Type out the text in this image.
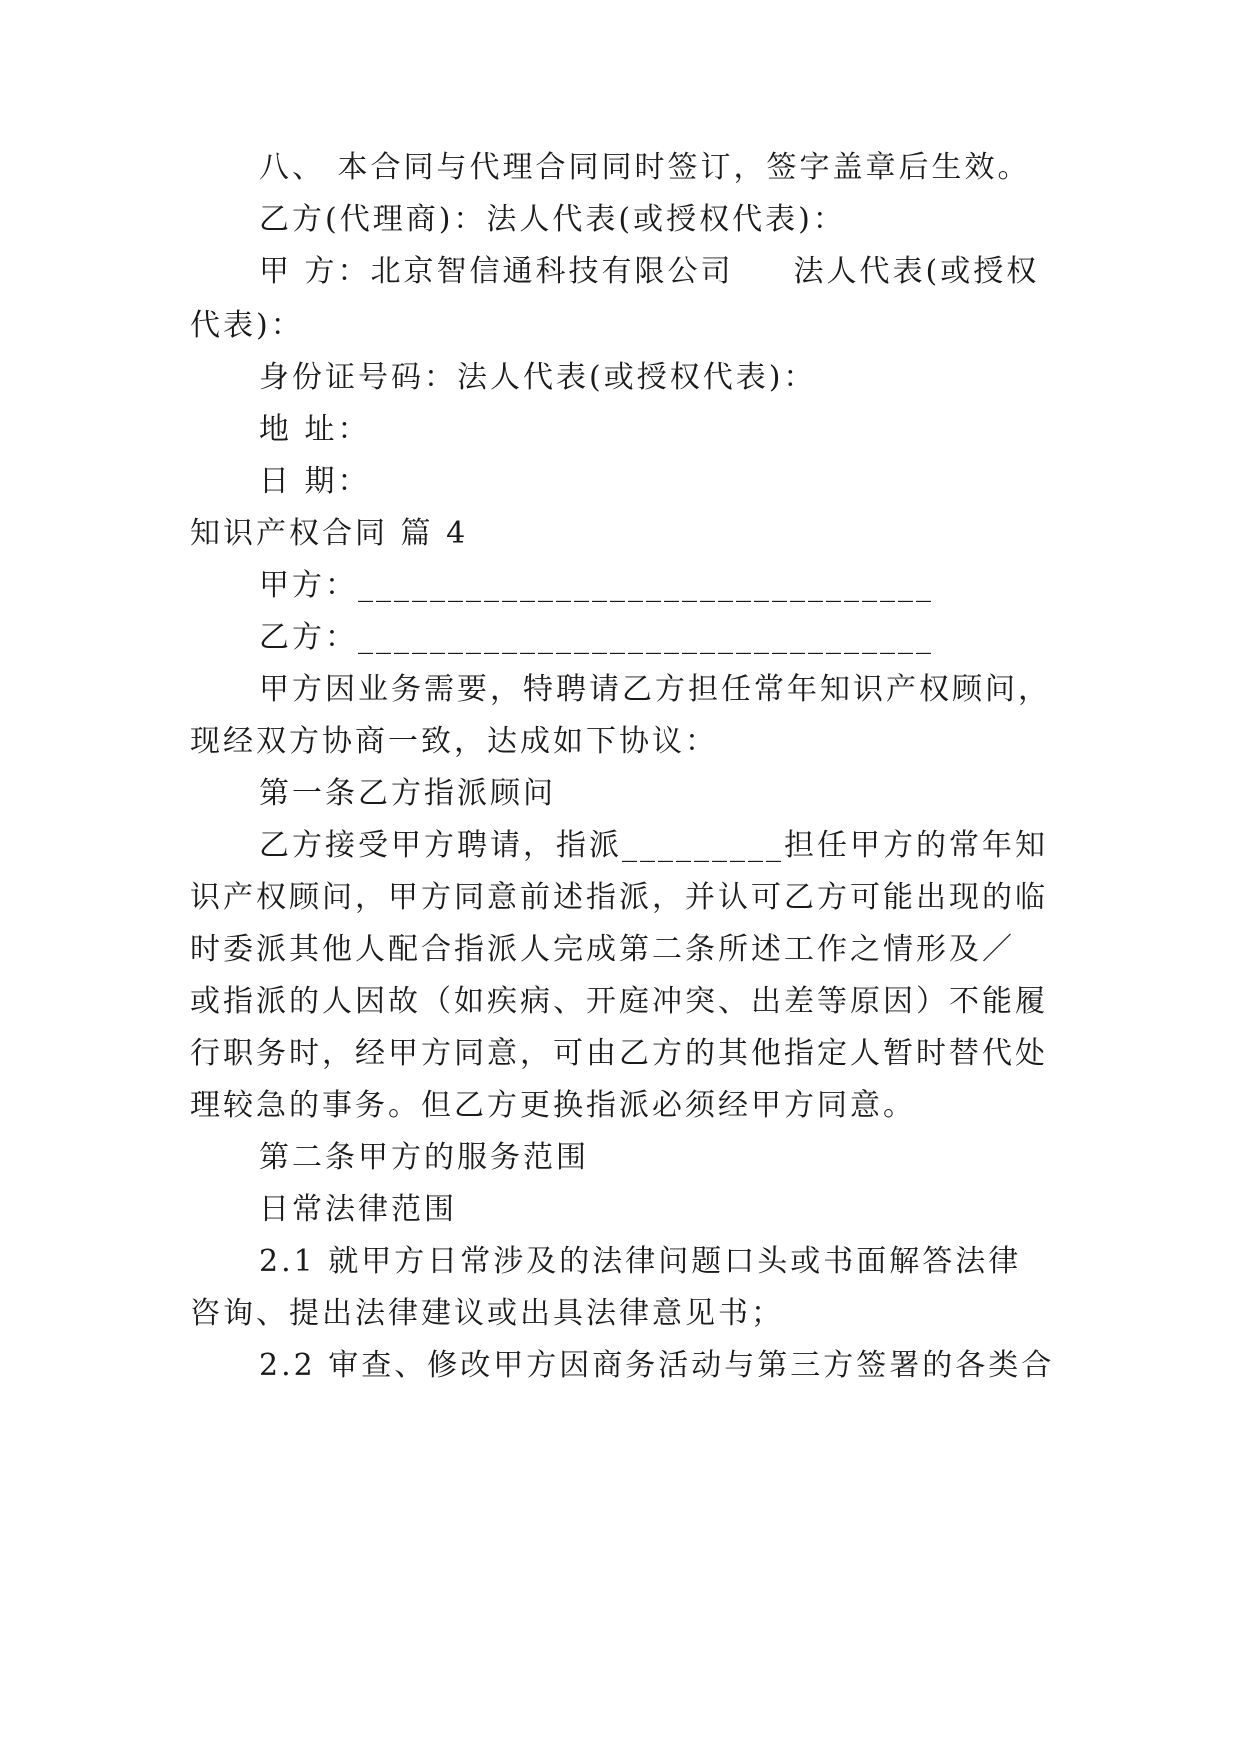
八、 本合同与代理合同同时签订，签字盖章后生效。
乙方(代理商)：法人代表(或授权代表)：
甲 方：北京智信通科技有限公司 法人代表(或授权
代表)：
身份证号码：法人代表(或授权代表)：
地 址：
日 期：
知识产权合同 篇 4
甲方：________________________________
乙方：________________________________
甲方因业务需要，特聘请乙方担任常年知识产权顾问，
现经双方协商一致，达成如下协议：
第一条乙方指派顾问
乙方接受甲方聘请，指派_________担任甲方的常年知
识产权顾问，甲方同意前述指派，并认可乙方可能出现的临
时委派其他人配合指派人完成第二条所述工作之情形及／
或指派的人因故（如疾病、开庭冲突、出差等原因）不能履
行职务时，经甲方同意，可由乙方的其他指定人暂时替代处
理较急的事务。但乙方更换指派必须经甲方同意。
第二条甲方的服务范围
日常法律范围
2.1 就甲方日常涉及的法律问题口头或书面解答法律
咨询、提出法律建议或出具法律意见书；
2.2 审查、修改甲方因商务活动与第三方签署的各类合
